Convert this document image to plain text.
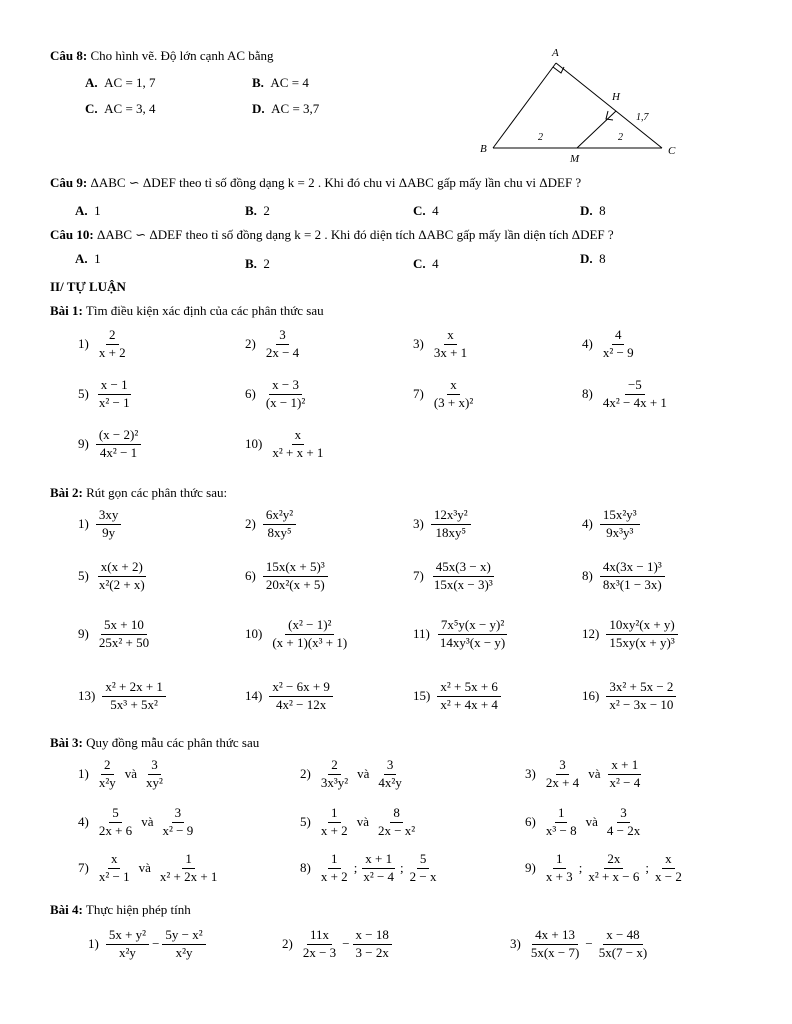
Câu 8: Cho hình vẽ. Độ lớn cạnh AC bằng
A. AC = 1, 7	B. AC = 4
C. AC = 3, 4	D. AC = 3,7
A
B	C
H
M
2	2
1,7
Câu 9: ΔABC ∽ ΔDEF theo tỉ số đồng dạng k = 2 . Khi đó chu vi ΔABC gấp mấy lần chu vi ΔDEF ?
A. 1	B. 2	C. 4	D. 8
Câu 10: ΔABC ∽ ΔDEF theo tỉ số đồng dạng k = 2 . Khi đó diện tích ΔABC gấp mấy lần diện tích ΔDEF ?
A. 1	B. 2	C. 4	D. 8
II/ TỰ LUẬN
Bài 1: Tìm điều kiện xác định của các phân thức sau
$1) \frac{2}{x + 2}$	$2) \frac{3}{2x - 4}$	$3) \frac{x}{3x + 1}$	$4) \frac{4}{\text{x² − 9}}$
$5) \frac{x - 1}{\text{x² − 1}}$	$6) \frac{x - 3}{\text{(x − 1)²}}$	$7) \frac{x}{\text{(3 + x)²}}$	$8) \frac{-5}{\text{4x² − 4x + 1}}$
$9) \frac{\text{(x − 2)²}}{\text{4x² − 1}}$	$10) \frac{x}{\text{x² + x + 1}}$
Bài 2: Rút gọn các phân thức sau:
$1) \frac{3xy}{9y}$	$2) \frac{\text{6x²y²}}{\text{8xy⁵}}$	$3) \frac{\text{12x³y²}}{\text{18xy⁵}}$	$4) \frac{\text{15x²y³}}{\text{9x³y³}}$
$5) \frac{x(x + 2)}{\text{x²(2 + x)}}$	$6) \frac{\text{15x(x + 5)³}}{\text{20x²(x + 5)}}$	$7) \frac{45x(3 - x)}{\text{15x(x − 3)³}}$	$8) \frac{\text{4x(3x − 1)³}}{\text{8x³(1 − 3x)}}$
$9) \frac{5x + 10}{\text{25x² + 50}}$	$10) \frac{\text{(x² − 1)²}}{\text{(x + 1)(x³ + 1)}}$	$11) \frac{\text{7x⁵y(x − y)²}}{\text{14xy³(x − y)}}$	$12) \frac{\text{10xy²(x + y)}}{\text{15xy(x + y)³}}$
$13) \frac{\text{x² + 2x + 1}}{\text{5x³ + 5x²}}$	$14) \frac{\text{x² − 6x + 9}}{\text{4x² − 12x}}$	$15) \frac{\text{x² + 5x + 6}}{\text{x² + 4x + 4}}$	$16) \frac{\text{3x² + 5x − 2}}{\text{x² − 3x − 10}}$
Bài 3: Quy đồng mẫu các phân thức sau
$1) \frac{2}{\text{x²y}}$ và $\frac{3}{\text{xy²}}$	$2) \frac{2}{\text{3x³y²}}$ và $\frac{3}{\text{4x²y}}$	$3) \frac{3}{2x + 4}$ và $\frac{x + 1}{\text{x² − 4}}$
$4) \frac{5}{2x + 6}$ và $\frac{3}{\text{x² − 9}}$	$5) \frac{1}{x + 2}$ và $\frac{8}{\text{2x − x²}}$	$6) \frac{1}{\text{x³ − 8}}$ và $\frac{3}{4 - 2x}$
$7) \frac{x}{\text{x² − 1}}$ và $\frac{1}{\text{x² + 2x + 1}}$	$8) \frac{1}{x + 2}$ ; $\frac{x + 1}{\text{x² − 4}}$ ; $\frac{5}{2 - x}$	$9) \frac{1}{x + 3}$ ; $\frac{2x}{\text{x² + x − 6}}$ ; $\frac{x}{x - 2}$
Bài 4: Thực hiện phép tính
$1) \frac{\text{5x + y²}}{\text{x²y}} - \frac{\text{5y − x²}}{\text{x²y}}$	$2) \frac{11x}{2x - 3} - \frac{x - 18}{3 - 2x}$	$3) \frac{4x + 13}{5x(x - 7)} - \frac{x - 48}{5x(7 - x)}$
